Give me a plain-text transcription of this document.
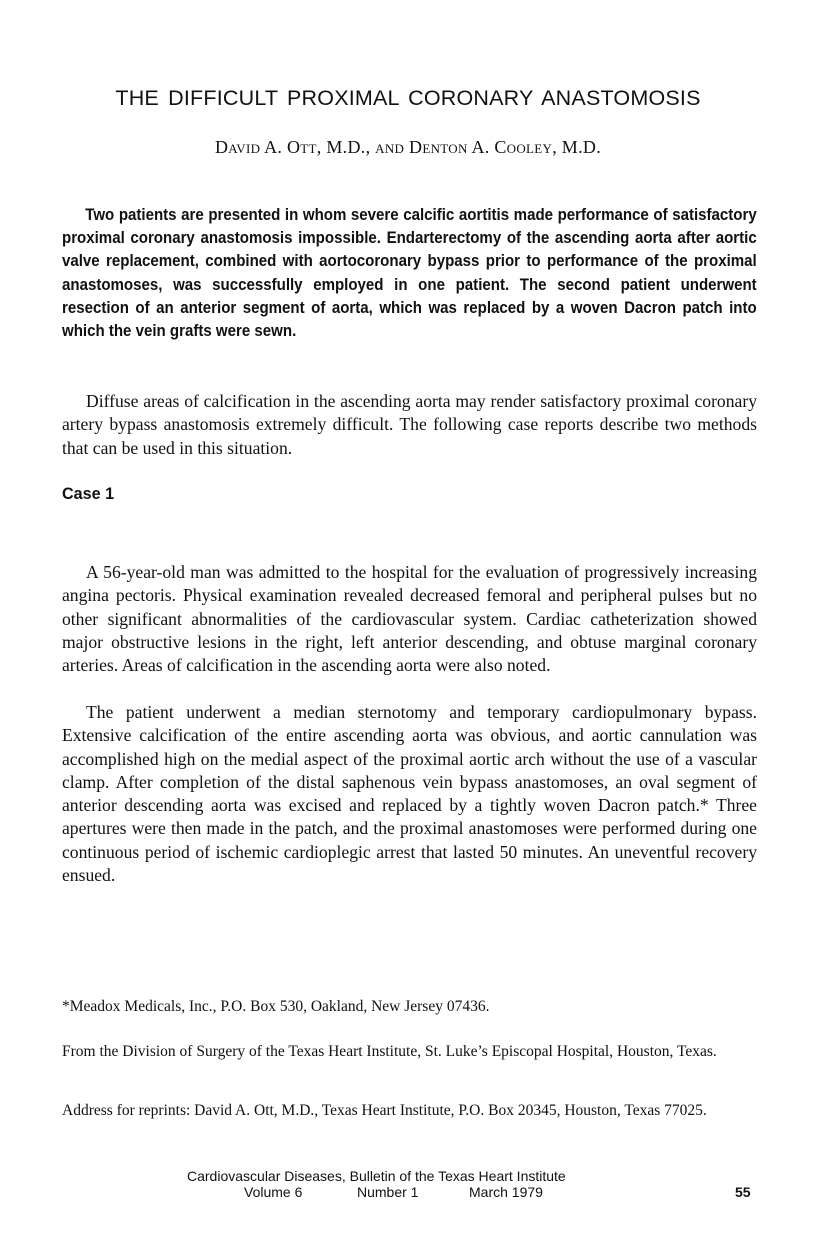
THE DIFFICULT PROXIMAL CORONARY ANASTOMOSIS

David A. Ott, M.D., and Denton A. Cooley, M.D.

Two patients are presented in whom severe calcific aortitis made performance of satisfactory proximal coronary anastomosis impossible. Endarterectomy of the ascending aorta after aortic valve replacement, combined with aortocoronary bypass prior to performance of the proximal anastomoses, was successfully employed in one patient. The second patient underwent resection of an anterior segment of aorta, which was replaced by a woven Dacron patch into which the vein grafts were sewn.

Diffuse areas of calcification in the ascending aorta may render satisfactory proximal coronary artery bypass anastomosis extremely difficult. The following case reports describe two methods that can be used in this situation.

Case 1

A 56-year-old man was admitted to the hospital for the evaluation of progressively increasing angina pectoris. Physical examination revealed decreased femoral and peripheral pulses but no other significant abnormalities of the cardiovascular system. Cardiac catheterization showed major obstructive lesions in the right, left anterior descending, and obtuse marginal coronary arteries. Areas of calcification in the ascending aorta were also noted.

The patient underwent a median sternotomy and temporary cardiopulmonary bypass. Extensive calcification of the entire ascending aorta was obvious, and aortic cannulation was accomplished high on the medial aspect of the proximal aortic arch without the use of a vascular clamp. After completion of the distal saphenous vein bypass anastomoses, an oval segment of anterior descending aorta was excised and replaced by a tightly woven Dacron patch.* Three apertures were then made in the patch, and the proximal anastomoses were performed during one continuous period of ischemic cardioplegic arrest that lasted 50 minutes. An uneventful recovery ensued.

*Meadox Medicals, Inc., P.O. Box 530, Oakland, New Jersey 07436.

From the Division of Surgery of the Texas Heart Institute, St. Luke’s Episcopal Hospital, Houston, Texas.

Address for reprints: David A. Ott, M.D., Texas Heart Institute, P.O. Box 20345, Houston, Texas 77025.

Cardiovascular Diseases, Bulletin of the Texas Heart Institute
Volume 6	Number 1	March 1979	55
